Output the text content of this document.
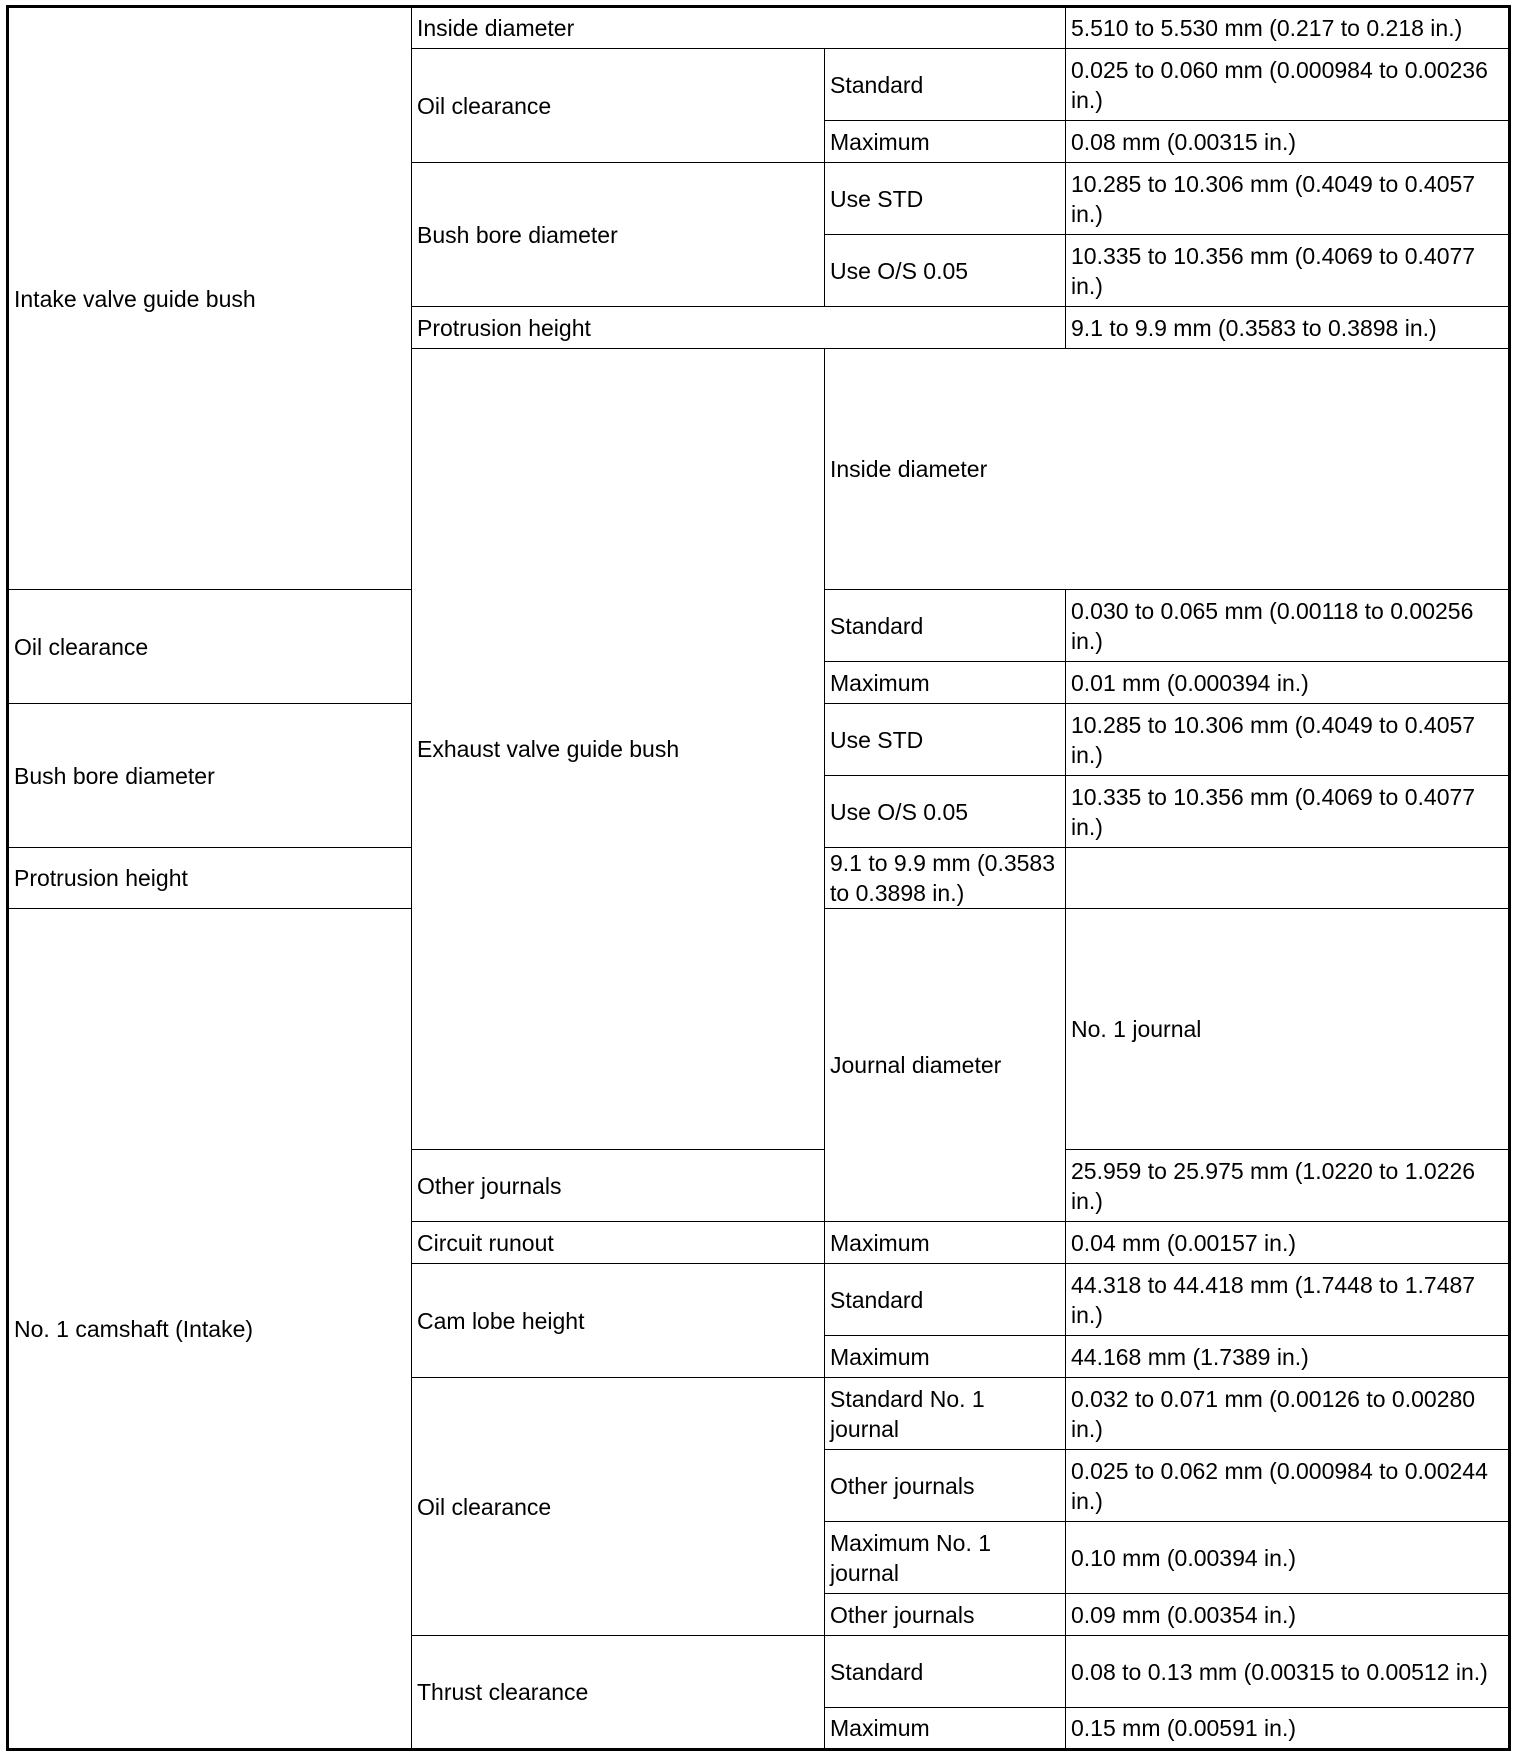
Intake valve guide bush	Inside diameter		5.510 to 5.530 mm (0.217 to 0.218 in.)	
	Oil clearance	Standard	0.025 to 0.060 mm (0.000984 to 0.00236 in.)	
		Maximum	0.08 mm (0.00315 in.)	
	Bush bore diameter	Use STD	10.285 to 10.306 mm (0.4049 to 0.4057 in.)	
		Use O/S 0.05	10.335 to 10.356 mm (0.4069 to 0.4077 in.)	
	Protrusion height		9.1 to 9.9 mm (0.3583 to 0.3898 in.)	
	Exhaust valve guide bush	Inside diameter	
Oil clearance		Standard	0.030 to 0.065 mm (0.00118 to 0.00256 in.)	
		Maximum	0.01 mm (0.000394 in.)	
Bush bore diameter		Use STD	10.285 to 10.306 mm (0.4049 to 0.4057 in.)	
		Use O/S 0.05	10.335 to 10.356 mm (0.4069 to 0.4077 in.)	
Protrusion height		9.1 to 9.9 mm (0.3583 to 0.3898 in.)		
No. 1 camshaft (Intake)		Journal diameter	No. 1 journal	
	Other journals		25.959 to 25.975 mm (1.0220 to 1.0226 in.)	
	Circuit runout	Maximum	0.04 mm (0.00157 in.)	
	Cam lobe height	Standard	44.318 to 44.418 mm (1.7448 to 1.7487 in.)	
		Maximum	44.168 mm (1.7389 in.)	
	Oil clearance	Standard No. 1 journal	0.032 to 0.071 mm (0.00126 to 0.00280 in.)	
		Other journals	0.025 to 0.062 mm (0.000984 to 0.00244 in.)	
		Maximum No. 1 journal	0.10 mm (0.00394 in.)	
		Other journals	0.09 mm (0.00354 in.)	
	Thrust clearance	Standard	0.08 to 0.13 mm (0.00315 to 0.00512 in.)	
		Maximum	0.15 mm (0.00591 in.)	
